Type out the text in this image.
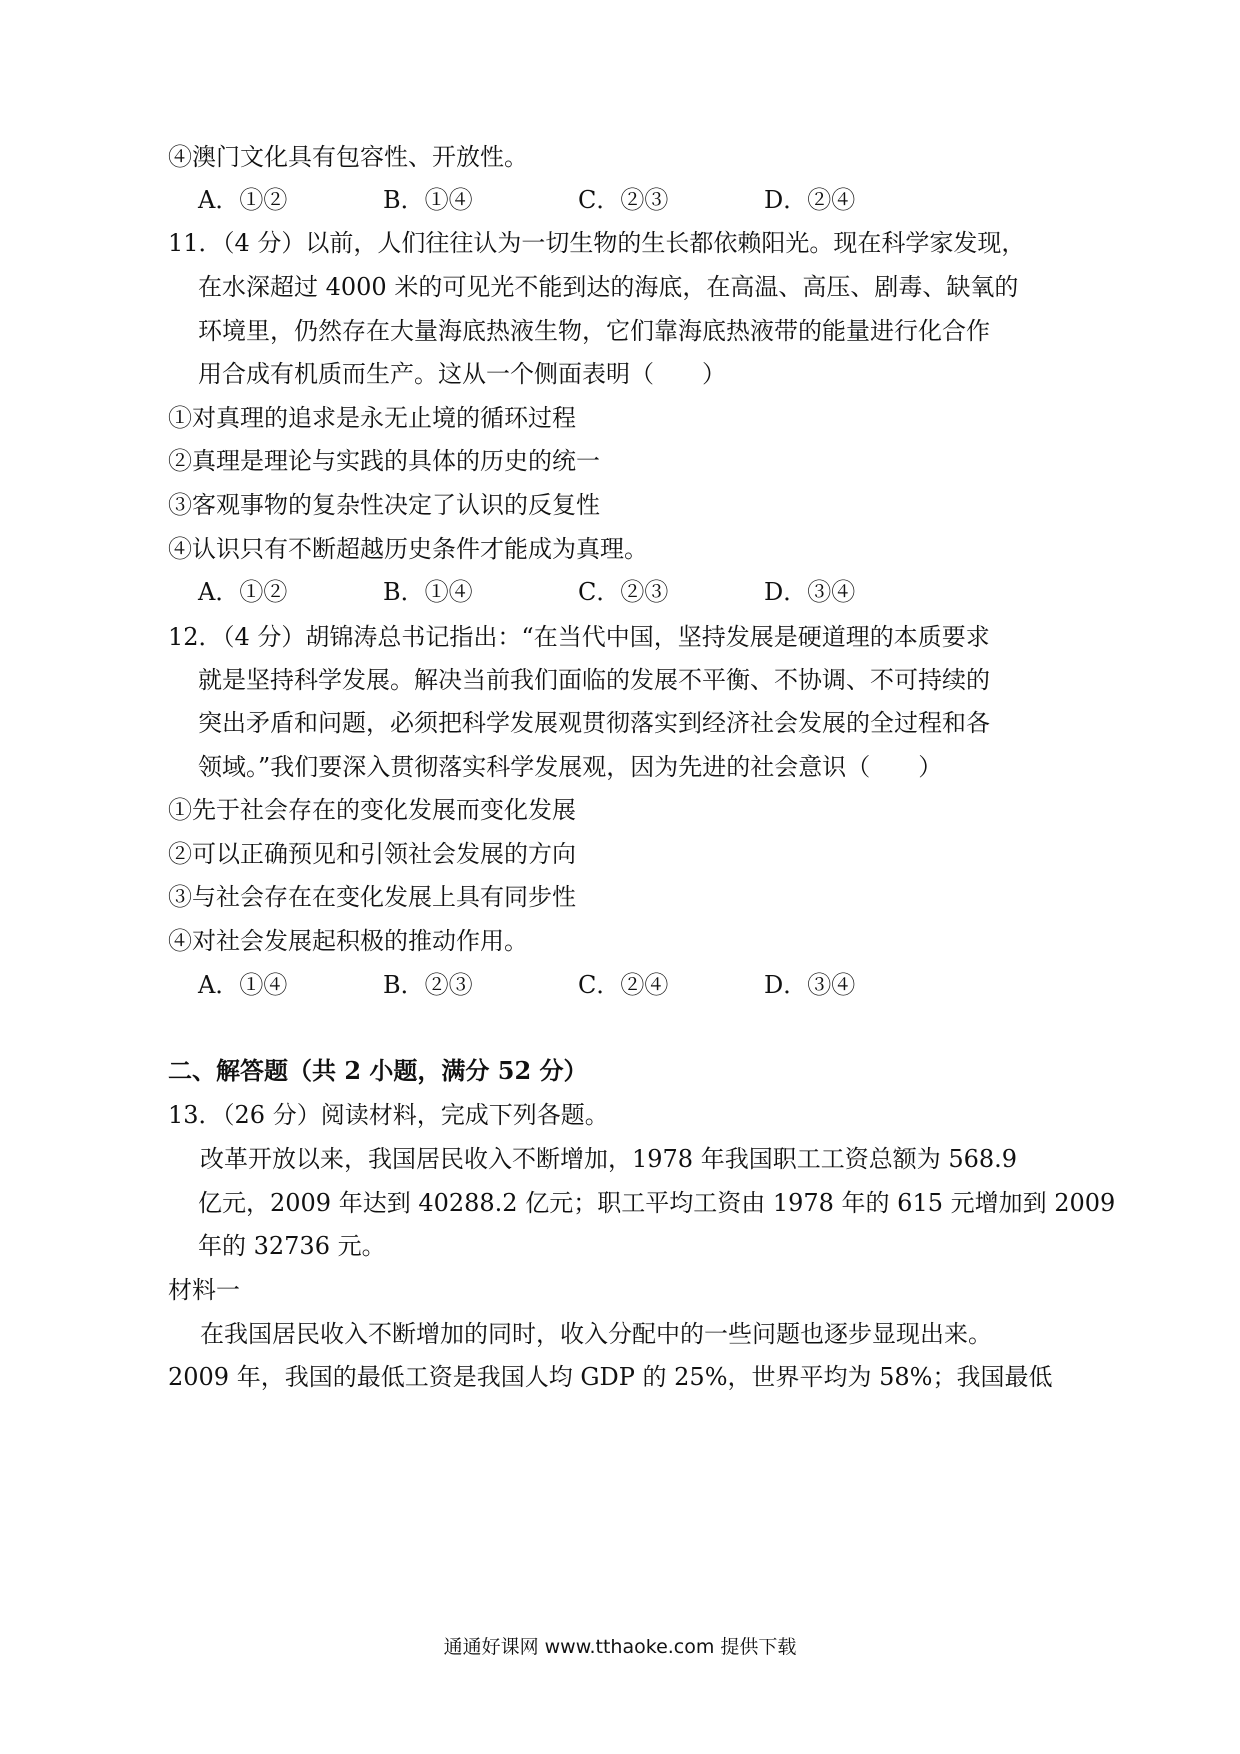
④澳门文化具有包容性、开放性。
A．①②	B．①④	C．②③	D．②④
11．（4 分）以前，人们往往认为一切生物的生长都依赖阳光。现在科学家发现，
在水深超过 4000 米的可见光不能到达的海底，在高温、高压、剧毒、缺氧的
环境里，仍然存在大量海底热液生物，它们靠海底热液带的能量进行化合作
用合成有机质而生产。这从一个侧面表明（　　）
①对真理的追求是永无止境的循环过程
②真理是理论与实践的具体的历史的统一
③客观事物的复杂性决定了认识的反复性
④认识只有不断超越历史条件才能成为真理。
A．①②	B．①④	C．②③	D．③④
12．（4 分）胡锦涛总书记指出：“在当代中国，坚持发展是硬道理的本质要求
就是坚持科学发展。解决当前我们面临的发展不平衡、不协调、不可持续的
突出矛盾和问题，必须把科学发展观贯彻落实到经济社会发展的全过程和各
领域。”我们要深入贯彻落实科学发展观，因为先进的社会意识（　　）
①先于社会存在的变化发展而变化发展
②可以正确预见和引领社会发展的方向
③与社会存在在变化发展上具有同步性
④对社会发展起积极的推动作用。
A．①④	B．②③	C．②④	D．③④
二、解答题（共 2 小题，满分 52 分）
13．（26 分）阅读材料，完成下列各题。
改革开放以来，我国居民收入不断增加，1978 年我国职工工资总额为 568.9
亿元，2009 年达到 40288.2 亿元；职工平均工资由 1978 年的 615 元增加到 2009
年的 32736 元。
材料一
在我国居民收入不断增加的同时，收入分配中的一些问题也逐步显现出来。
2009 年，我国的最低工资是我国人均 GDP 的 25%，世界平均为 58%；我国最低
通通好课网 www.tthaoke.com 提供下载
